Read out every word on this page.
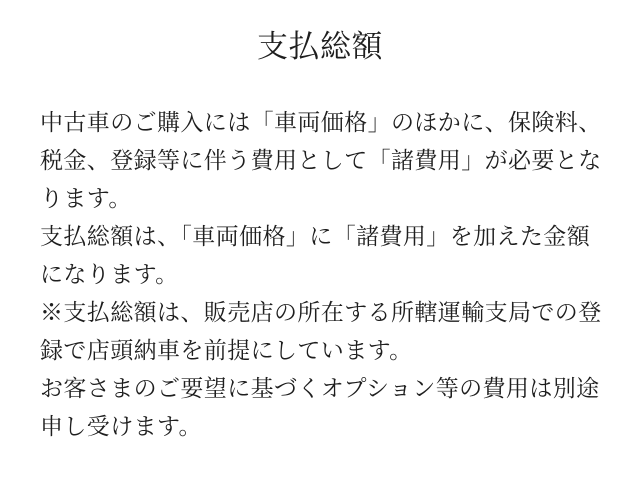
支払総額
中古車のご購入には「車両価格」のほかに、保険料、
税金、登録等に伴う費用として「諸費用」が必要とな
ります。
支払総額は、「車両価格」に「諸費用」を加えた金額
になります。
※支払総額は、販売店の所在する所轄運輸支局での登
録で店頭納車を前提にしています。
お客さまのご要望に基づくオプション等の費用は別途
申し受けます。
